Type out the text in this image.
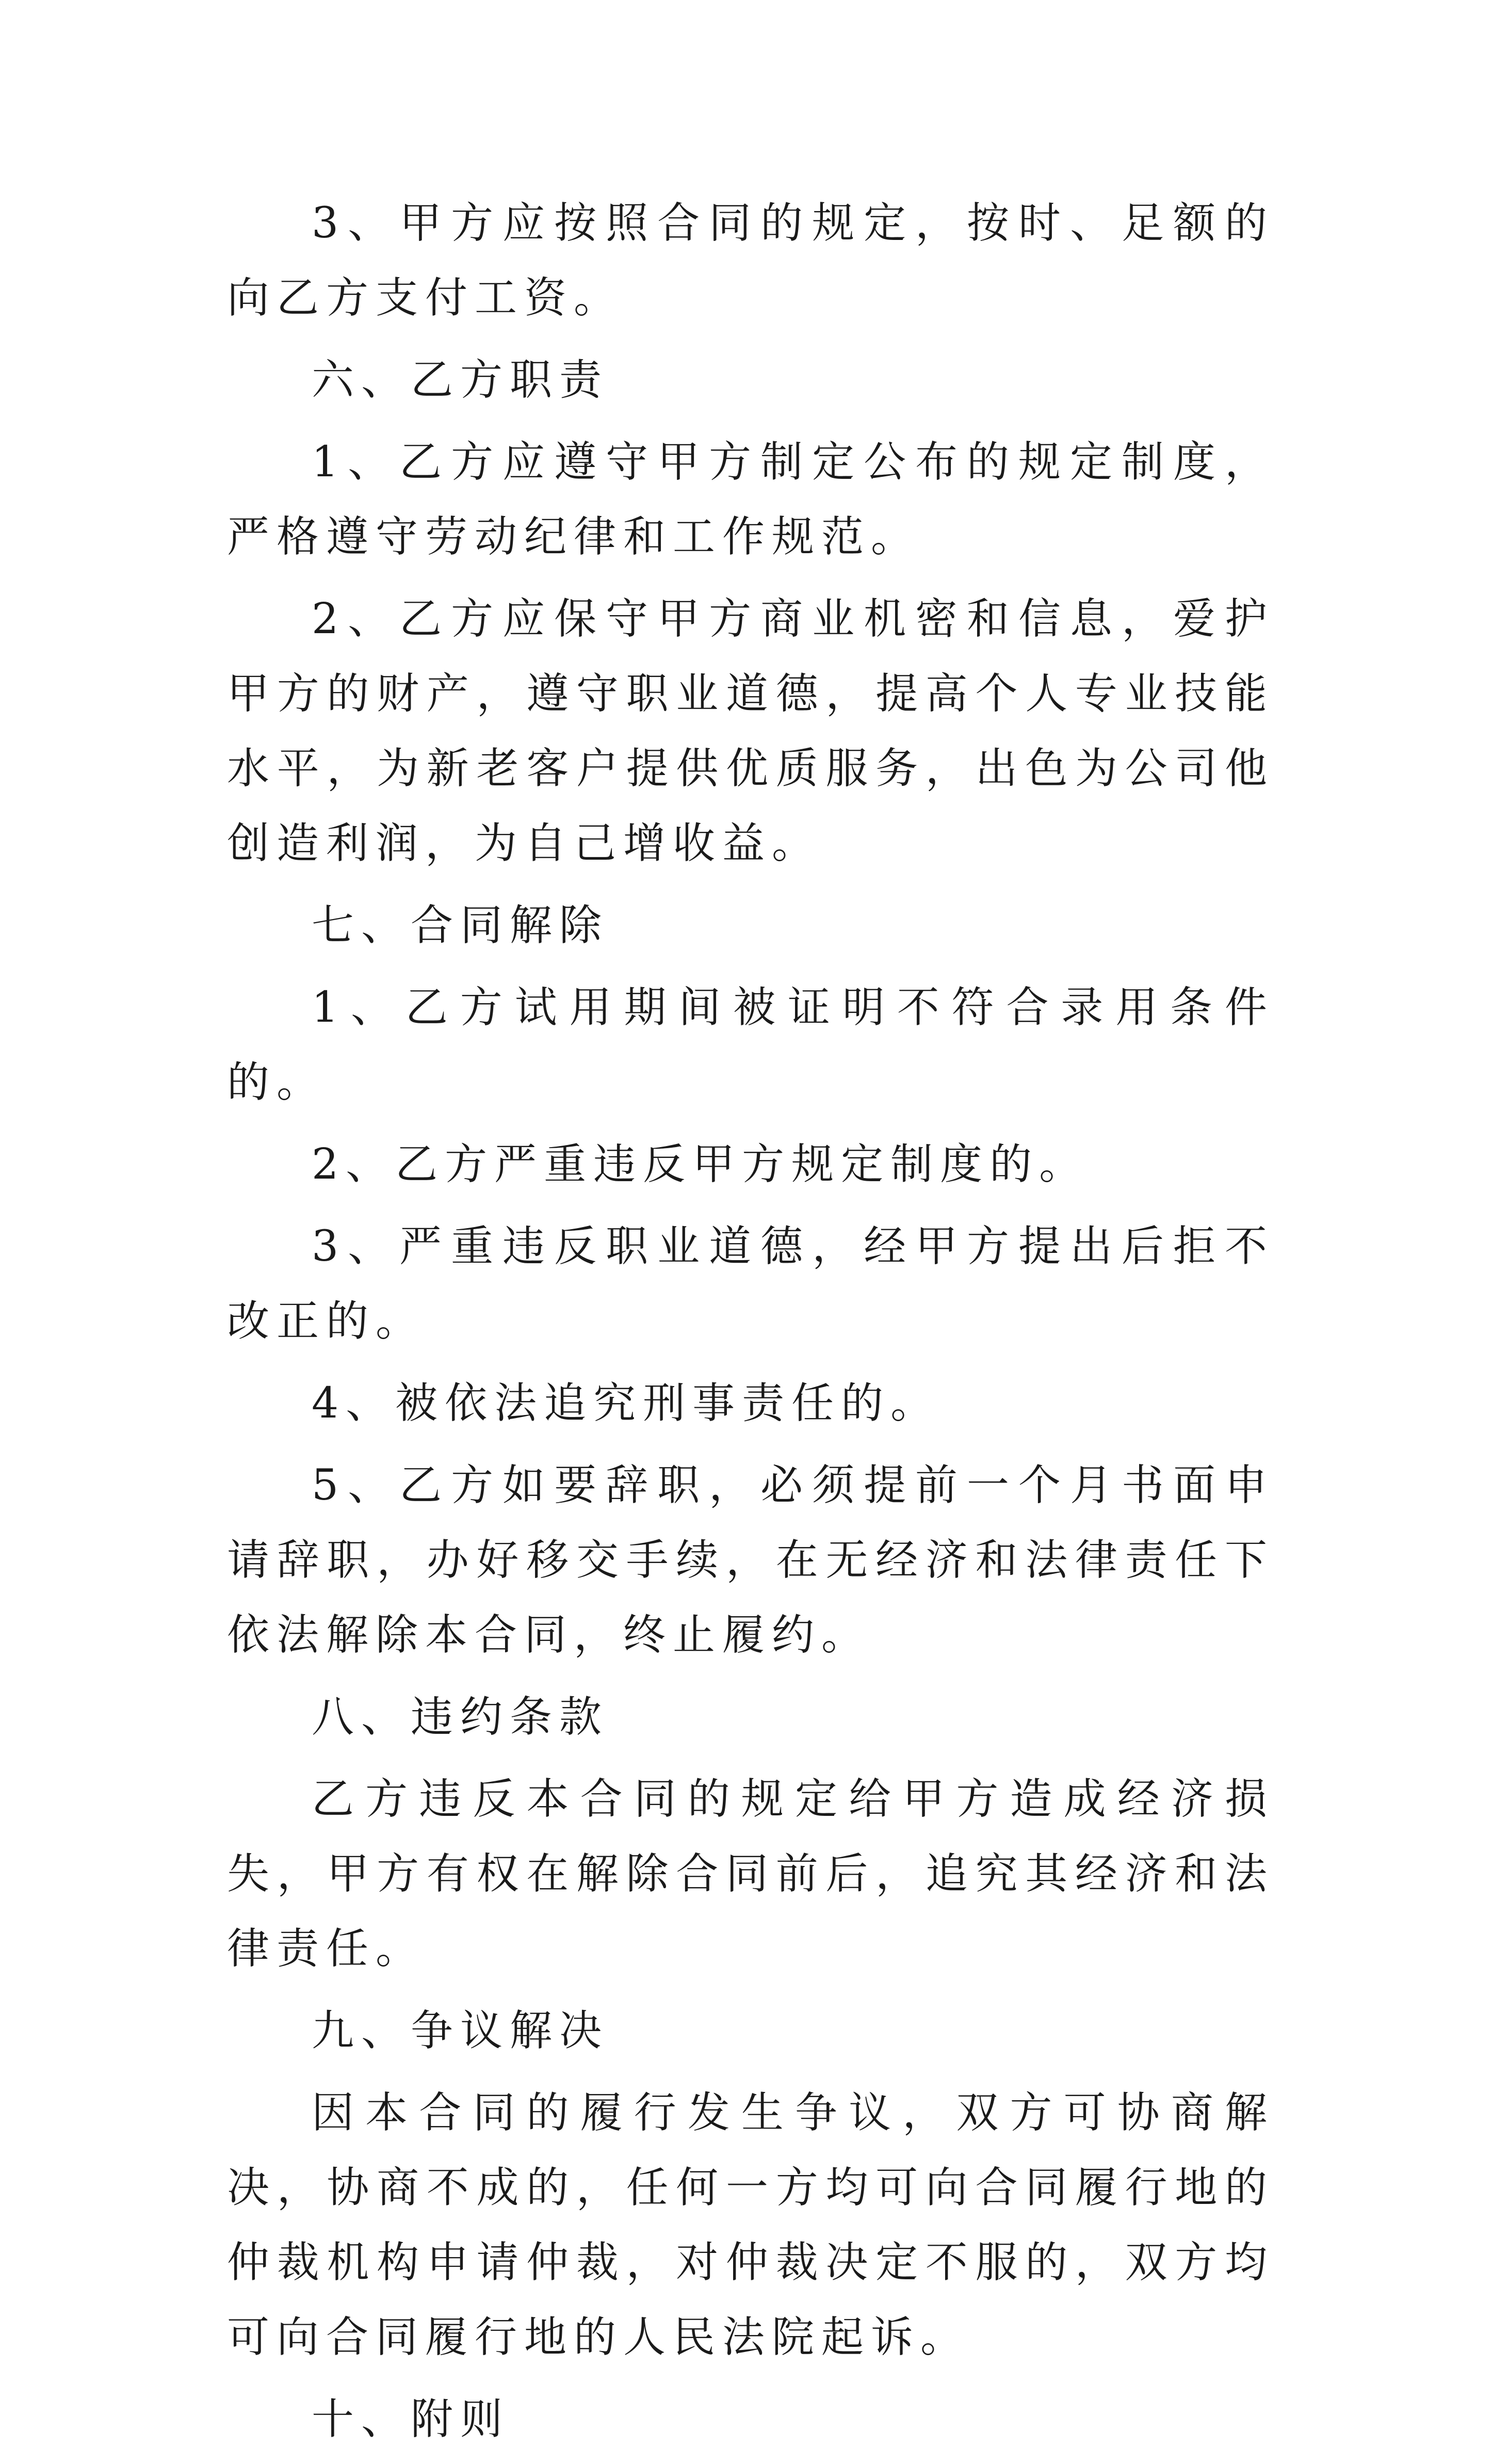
3、甲方应按照合同的规定，按时、足额的向乙方支付工资。

六、乙方职责

1、乙方应遵守甲方制定公布的规定制度，严格遵守劳动纪律和工作规范。

2、乙方应保守甲方商业机密和信息，爱护甲方的财产，遵守职业道德，提高个人专业技能水平，为新老客户提供优质服务，出色为公司他创造利润，为自己增收益。

七、合同解除

1、乙方试用期间被证明不符合录用条件的。

2、乙方严重违反甲方规定制度的。

3、严重违反职业道德，经甲方提出后拒不改正的。

4、被依法追究刑事责任的。

5、乙方如要辞职，必须提前一个月书面申请辞职，办好移交手续，在无经济和法律责任下依法解除本合同，终止履约。

八、违约条款

乙方违反本合同的规定给甲方造成经济损失，甲方有权在解除合同前后，追究其经济和法律责任。

九、争议解决

因本合同的履行发生争议，双方可协商解决，协商不成的，任何一方均可向合同履行地的仲裁机构申请仲裁，对仲裁决定不服的，双方均可向合同履行地的人民法院起诉。

十、附则
